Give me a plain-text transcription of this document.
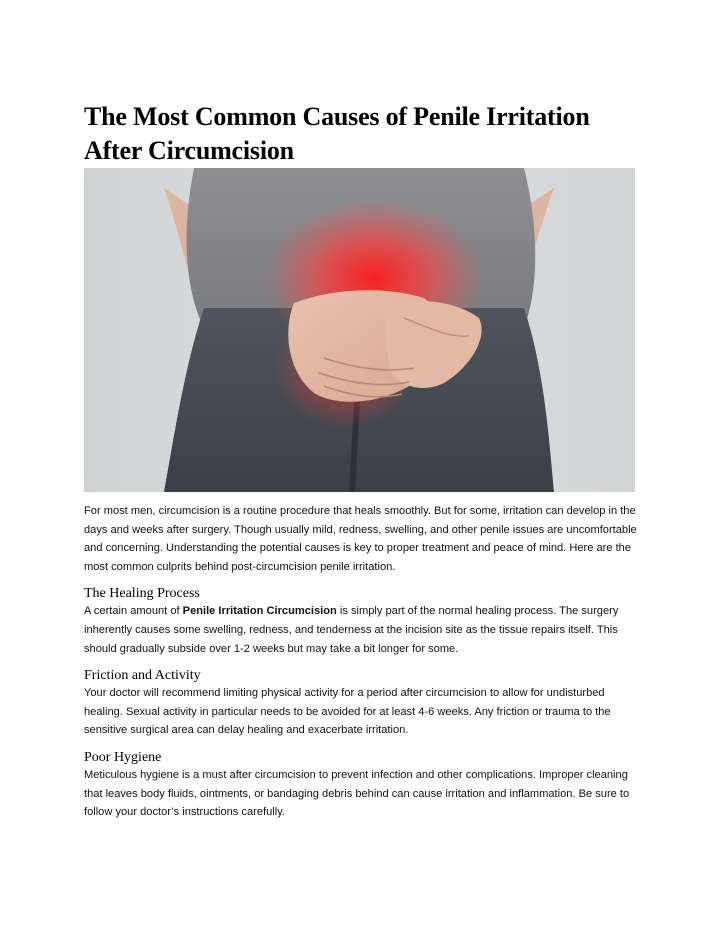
The Most Common Causes of Penile Irritation After Circumcision

For most men, circumcision is a routine procedure that heals smoothly. But for some, irritation can develop in the days and weeks after surgery. Though usually mild, redness, swelling, and other penile issues are uncomfortable and concerning. Understanding the potential causes is key to proper treatment and peace of mind. Here are the most common culprits behind post-circumcision penile irritation.

The Healing Process

A certain amount of Penile Irritation Circumcision is simply part of the normal healing process. The surgery inherently causes some swelling, redness, and tenderness at the incision site as the tissue repairs itself. This should gradually subside over 1-2 weeks but may take a bit longer for some.

Friction and Activity

Your doctor will recommend limiting physical activity for a period after circumcision to allow for undisturbed healing. Sexual activity in particular needs to be avoided for at least 4-6 weeks. Any friction or trauma to the sensitive surgical area can delay healing and exacerbate irritation.

Poor Hygiene

Meticulous hygiene is a must after circumcision to prevent infection and other complications. Improper cleaning that leaves body fluids, ointments, or bandaging debris behind can cause irritation and inflammation. Be sure to follow your doctor’s instructions carefully.
